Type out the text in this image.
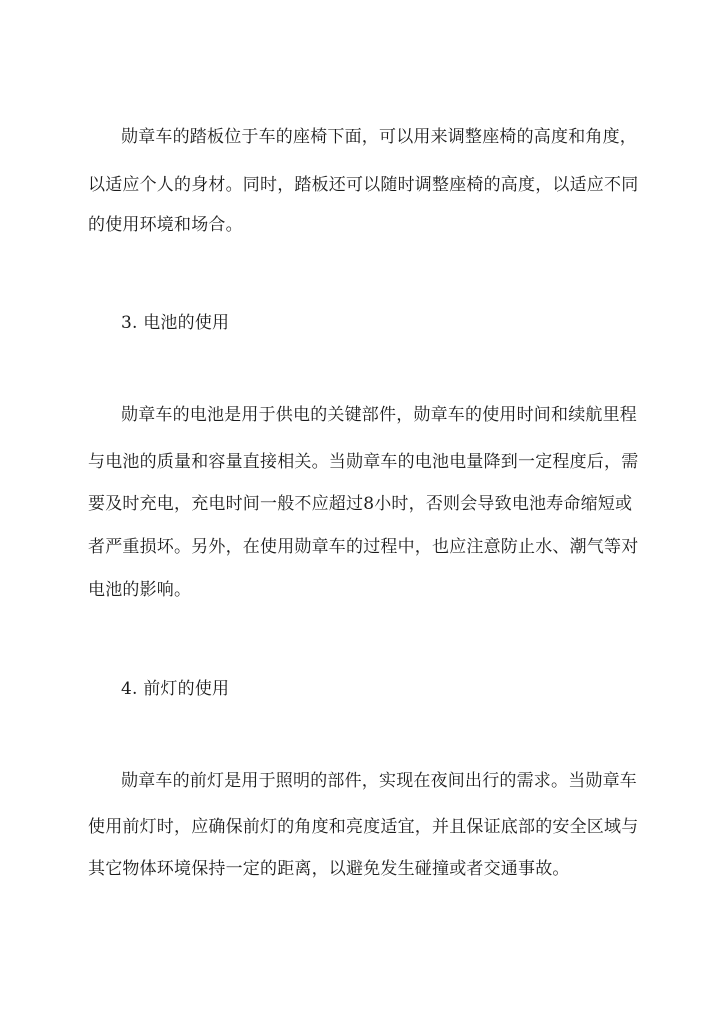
勋章车的踏板位于车的座椅下面，可以用来调整座椅的高度和角度，
以适应个人的身材。同时，踏板还可以随时调整座椅的高度，以适应不同
的使用环境和场合。
3. 电池的使用
勋章车的电池是用于供电的关键部件，勋章车的使用时间和续航里程
与电池的质量和容量直接相关。当勋章车的电池电量降到一定程度后，需
要及时充电，充电时间一般不应超过8小时，否则会导致电池寿命缩短或
者严重损坏。另外，在使用勋章车的过程中，也应注意防止水、潮气等对
电池的影响。
4. 前灯的使用
勋章车的前灯是用于照明的部件，实现在夜间出行的需求。当勋章车
使用前灯时，应确保前灯的角度和亮度适宜，并且保证底部的安全区域与
其它物体环境保持一定的距离，以避免发生碰撞或者交通事故。
